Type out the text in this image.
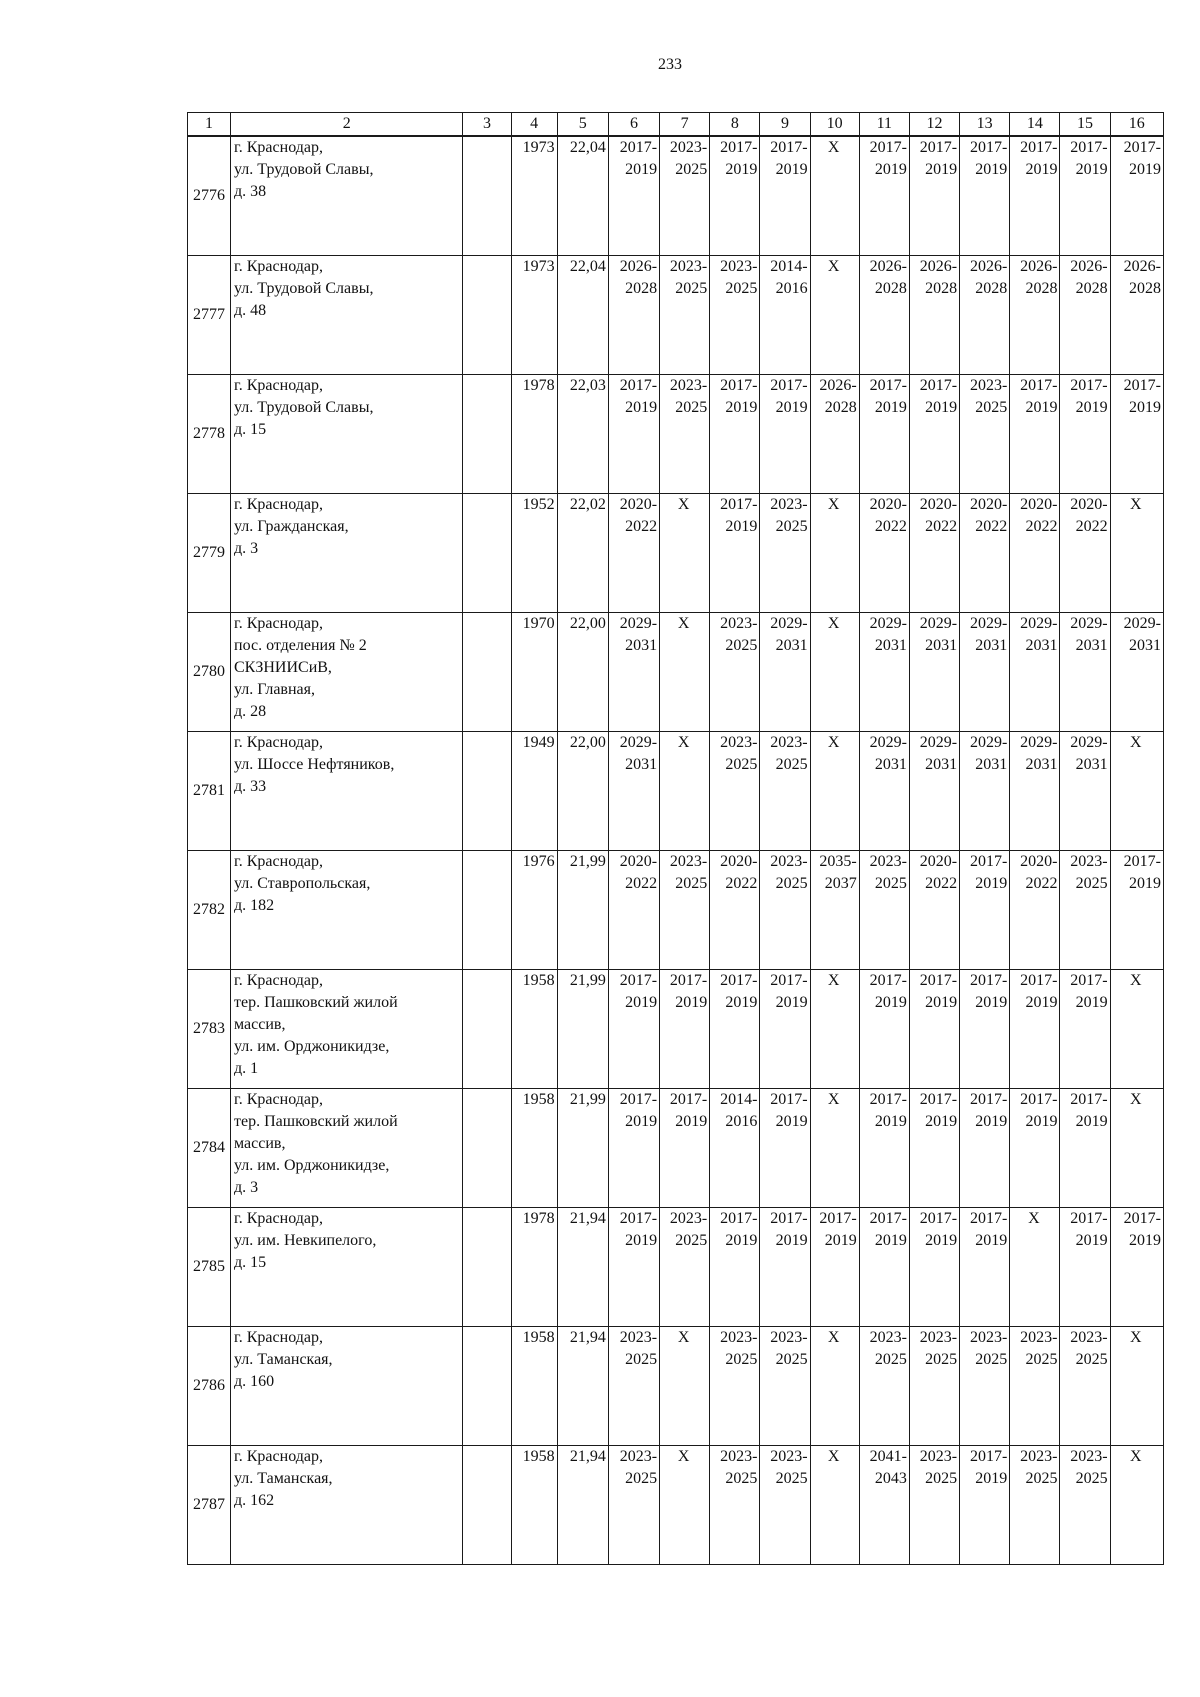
233
1	2	3	4	5	6	7	8	9	10	11	12	13	14	15	16
2776	г. Краснодар,
ул. Трудовой Славы,
д. 38		1973	22,04	2017-
2019	2023-
2025	2017-
2019	2017-
2019	X	2017-
2019	2017-
2019	2017-
2019	2017-
2019	2017-
2019	2017-
2019
2777	г. Краснодар,
ул. Трудовой Славы,
д. 48		1973	22,04	2026-
2028	2023-
2025	2023-
2025	2014-
2016	X	2026-
2028	2026-
2028	2026-
2028	2026-
2028	2026-
2028	2026-
2028
2778	г. Краснодар,
ул. Трудовой Славы,
д. 15		1978	22,03	2017-
2019	2023-
2025	2017-
2019	2017-
2019	2026-
2028	2017-
2019	2017-
2019	2023-
2025	2017-
2019	2017-
2019	2017-
2019
2779	г. Краснодар,
ул. Гражданская,
д. 3		1952	22,02	2020-
2022	X	2017-
2019	2023-
2025	X	2020-
2022	2020-
2022	2020-
2022	2020-
2022	2020-
2022	X
2780	г. Краснодар,
пос. отделения № 2
СКЗНИИСиВ,
ул. Главная,
д. 28		1970	22,00	2029-
2031	X	2023-
2025	2029-
2031	X	2029-
2031	2029-
2031	2029-
2031	2029-
2031	2029-
2031	2029-
2031
2781	г. Краснодар,
ул. Шоссе Нефтяников,
д. 33		1949	22,00	2029-
2031	X	2023-
2025	2023-
2025	X	2029-
2031	2029-
2031	2029-
2031	2029-
2031	2029-
2031	X
2782	г. Краснодар,
ул. Ставропольская,
д. 182		1976	21,99	2020-
2022	2023-
2025	2020-
2022	2023-
2025	2035-
2037	2023-
2025	2020-
2022	2017-
2019	2020-
2022	2023-
2025	2017-
2019
2783	г. Краснодар,
тер. Пашковский жилой
массив,
ул. им. Орджоникидзе,
д. 1		1958	21,99	2017-
2019	2017-
2019	2017-
2019	2017-
2019	X	2017-
2019	2017-
2019	2017-
2019	2017-
2019	2017-
2019	X
2784	г. Краснодар,
тер. Пашковский жилой
массив,
ул. им. Орджоникидзе,
д. 3		1958	21,99	2017-
2019	2017-
2019	2014-
2016	2017-
2019	X	2017-
2019	2017-
2019	2017-
2019	2017-
2019	2017-
2019	X
2785	г. Краснодар,
ул. им. Невкипелого,
д. 15		1978	21,94	2017-
2019	2023-
2025	2017-
2019	2017-
2019	2017-
2019	2017-
2019	2017-
2019	2017-
2019	X	2017-
2019	2017-
2019
2786	г. Краснодар,
ул. Таманская,
д. 160		1958	21,94	2023-
2025	X	2023-
2025	2023-
2025	X	2023-
2025	2023-
2025	2023-
2025	2023-
2025	2023-
2025	X
2787	г. Краснодар,
ул. Таманская,
д. 162		1958	21,94	2023-
2025	X	2023-
2025	2023-
2025	X	2041-
2043	2023-
2025	2017-
2019	2023-
2025	2023-
2025	X
